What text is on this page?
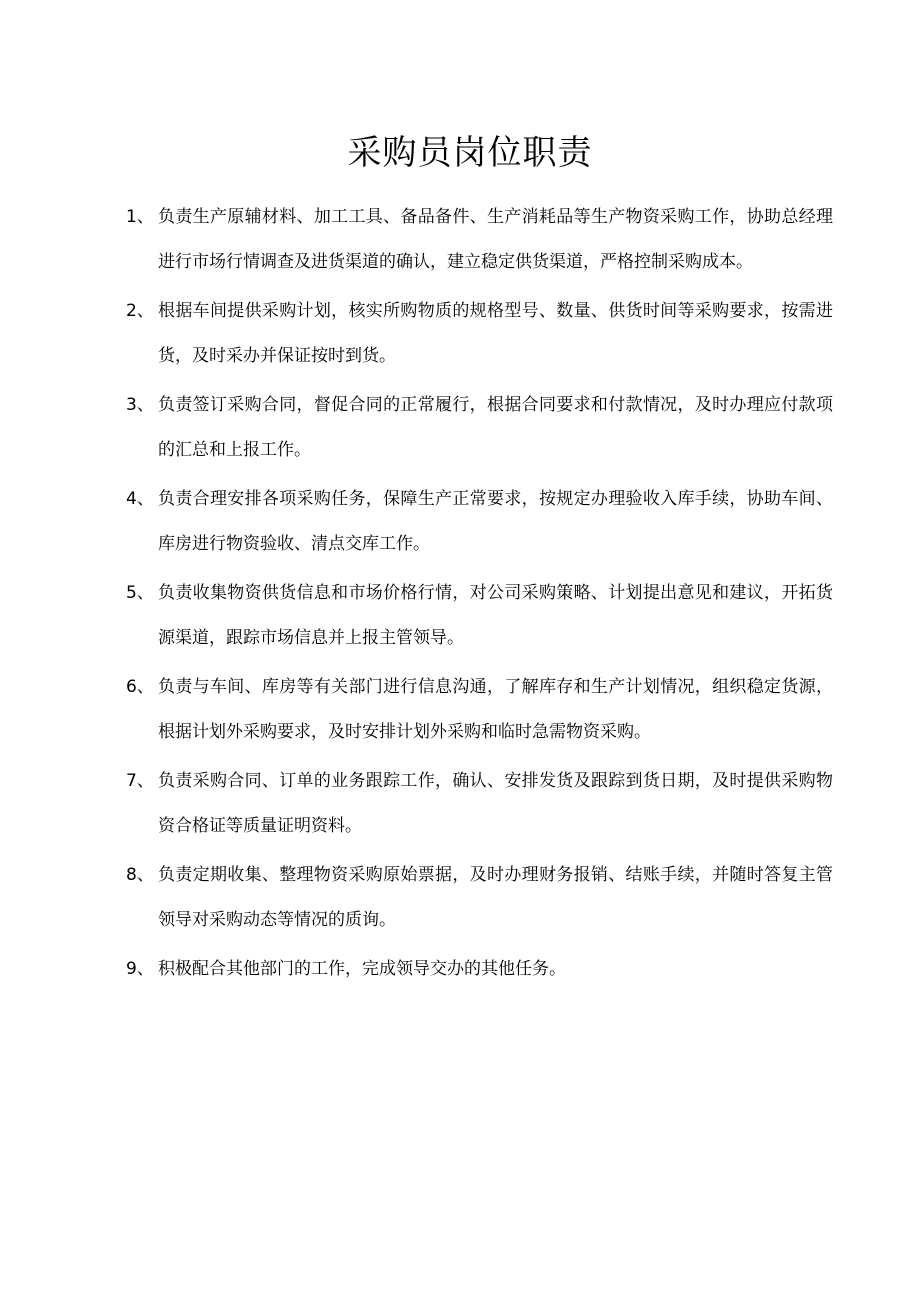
采购员岗位职责
1、 负责生产原辅材料、加工工具、备品备件、生产消耗品等生产物资采购工作，协助总经理进行市场行情调查及进货渠道的确认，建立稳定供货渠道，严格控制采购成本。
2、 根据车间提供采购计划，核实所购物质的规格型号、数量、供货时间等采购要求，按需进货，及时采办并保证按时到货。
3、 负责签订采购合同，督促合同的正常履行，根据合同要求和付款情况，及时办理应付款项的汇总和上报工作。
4、 负责合理安排各项采购任务，保障生产正常要求，按规定办理验收入库手续，协助车间、库房进行物资验收、清点交库工作。
5、 负责收集物资供货信息和市场价格行情，对公司采购策略、计划提出意见和建议，开拓货源渠道，跟踪市场信息并上报主管领导。
6、 负责与车间、库房等有关部门进行信息沟通，了解库存和生产计划情况，组织稳定货源，根据计划外采购要求，及时安排计划外采购和临时急需物资采购。
7、 负责采购合同、订单的业务跟踪工作，确认、安排发货及跟踪到货日期，及时提供采购物资合格证等质量证明资料。
8、 负责定期收集、整理物资采购原始票据，及时办理财务报销、结账手续，并随时答复主管领导对采购动态等情况的质询。
9、 积极配合其他部门的工作，完成领导交办的其他任务。
